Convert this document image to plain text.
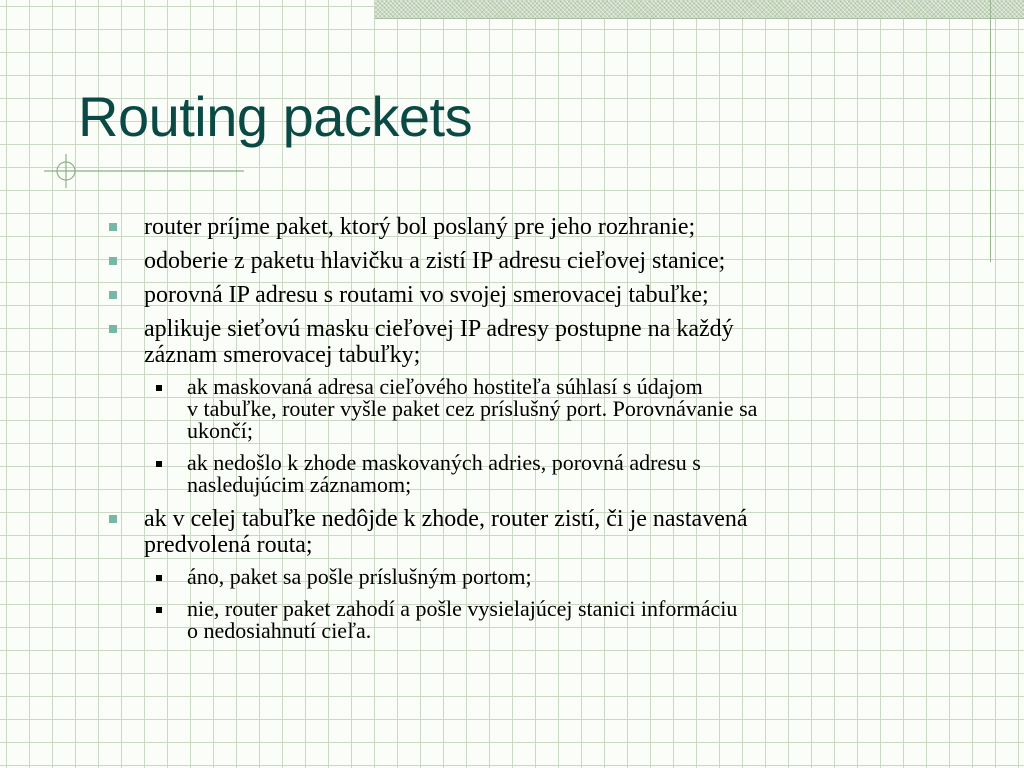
Routing packets
router príjme paket, ktorý bol poslaný pre jeho rozhranie;
odoberie z paketu hlavičku a zistí IP adresu cieľovej stanice;
porovná IP adresu s routami vo svojej smerovacej tabuľke;
aplikuje sieťovú masku cieľovej IP adresy postupne na každý
záznam smerovacej tabuľky;
ak maskovaná adresa cieľového hostiteľa súhlasí s údajom
v tabuľke, router vyšle paket cez príslušný port. Porovnávanie sa
ukončí;
ak nedošlo k zhode maskovaných adries, porovná adresu s
nasledujúcim záznamom;
ak v celej tabuľke nedôjde k zhode, router zistí, či je nastavená
predvolená routa;
áno, paket sa pošle príslušným portom;
nie, router paket zahodí a pošle vysielajúcej stanici informáciu
o nedosiahnutí cieľa.
